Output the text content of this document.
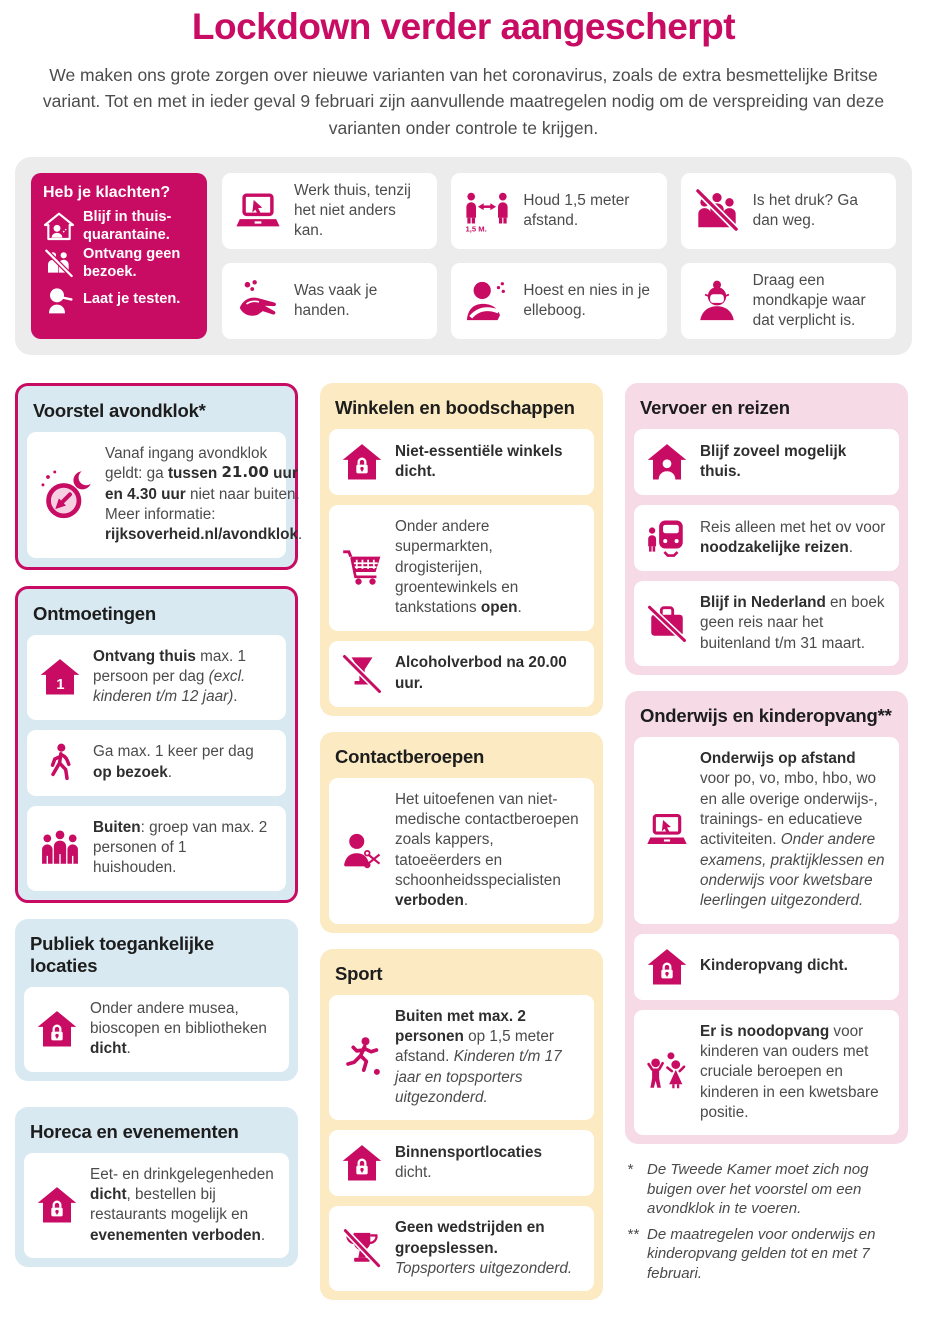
Lockdown verder aangescherpt

We maken ons grote zorgen over nieuwe varianten van het coronavirus, zoals de extra besmettelijke Britse variant. Tot en met in ieder geval 9 februari zijn aanvullende maatregelen nodig om de verspreiding van deze varianten onder controle te krijgen.

Heb je klachten?
Blijf in thuisquarantaine.
Ontvang geen bezoek.
Laat je testen.
Werk thuis, tenzij het niet anders kan.
Houd 1,5 meter afstand.
Is het druk? Ga dan weg.
Was vaak je handen.
Hoest en nies in je elleboog.
Draag een mondkapje waar dat verplicht is.
Voorstel avondklok*
Vanaf ingang avondklok geldt: ga tussen 21.00 uur en 4.30 uur niet naar buiten. Meer informatie: rijksoverheid.nl/avondklok.
Ontmoetingen
Ontvang thuis max. 1 persoon per dag (excl. kinderen t/m 12 jaar).
Ga max. 1 keer per dag op bezoek.
Buiten: groep van max. 2 personen of 1 huishouden.
Publiek toegankelijke locaties
Onder andere musea, bioscopen en bibliotheken dicht.
Horeca en evenementen
Eet- en drinkgelegenheden dicht, bestellen bij restaurants mogelijk en evenementen verboden.
Winkelen en boodschappen
Niet-essentiële winkels dicht.
Onder andere supermarkten, drogisterijen, groentewinkels en tankstations open.
Alcoholverbod na 20.00 uur.
Contactberoepen
Het uitoefenen van niet-medische contactberoepen zoals kappers, tatoeëerders en schoonheidsspecialisten verboden.
Sport
Buiten met max. 2 personen op 1,5 meter afstand. Kinderen t/m 17 jaar en topsporters uitgezonderd.
Binnensportlocaties dicht.
Geen wedstrijden en groepslessen. Topsporters uitgezonderd.
Vervoer en reizen
Blijf zoveel mogelijk thuis.
Reis alleen met het ov voor noodzakelijke reizen.
Blijf in Nederland en boek geen reis naar het buitenland t/m 31 maart.
Onderwijs en kinderopvang**
Onderwijs op afstand voor po, vo, mbo, hbo, wo en alle overige onderwijs-, trainings- en educatieve activiteiten. Onder andere examens, praktijklessen en onderwijs voor kwetsbare leerlingen uitgezonderd.
Kinderopvang dicht.
Er is noodopvang voor kinderen van ouders met cruciale beroepen en kinderen in een kwetsbare positie.
* De Tweede Kamer moet zich nog buigen over het voorstel om een avondklok in te voeren.
** De maatregelen voor onderwijs en kinderopvang gelden tot en met 7 februari.
